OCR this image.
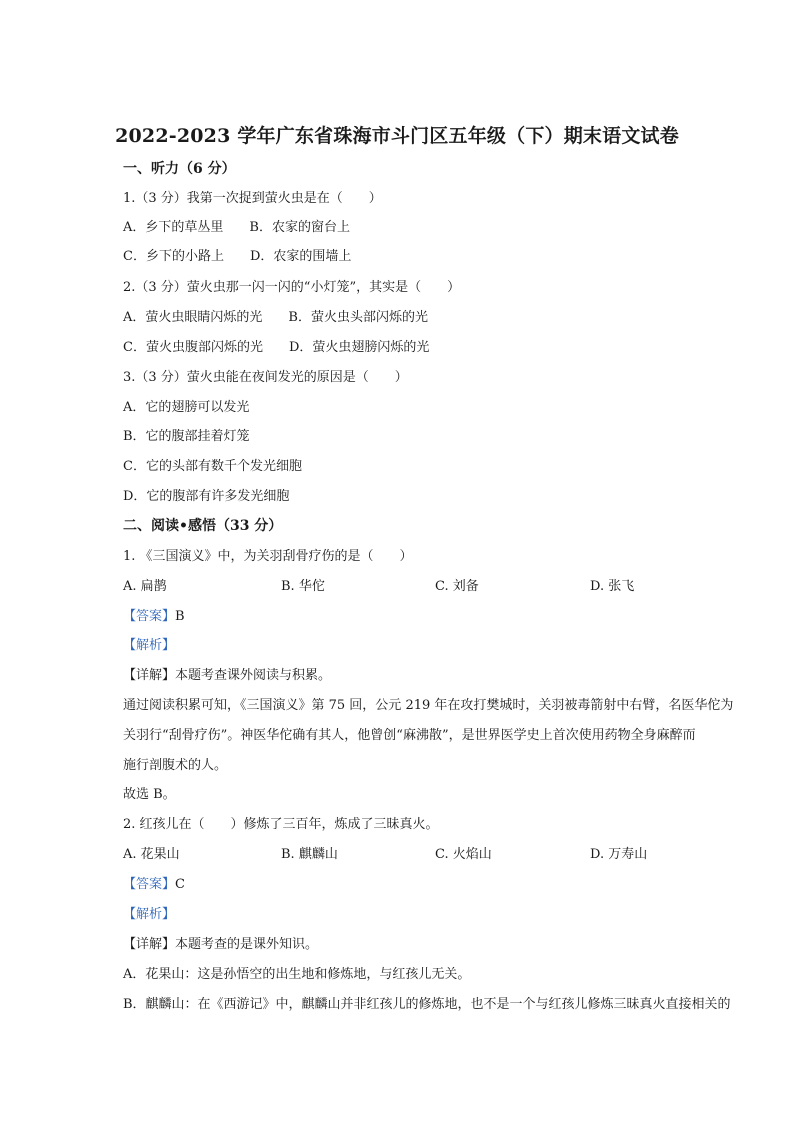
2022-2023 学年广东省珠海市斗门区五年级（下）期末语文试卷
一、听力（6 分）
1.（3 分）我第一次捉到萤火虫是在（　　）
A．乡下的草丛里　　B．农家的窗台上
C．乡下的小路上　　D．农家的围墙上
2.（3 分）萤火虫那一闪一闪的“小灯笼”，其实是（　　）
A．萤火虫眼睛闪烁的光　　B．萤火虫头部闪烁的光
C．萤火虫腹部闪烁的光　　D．萤火虫翅膀闪烁的光
3.（3 分）萤火虫能在夜间发光的原因是（　　）
A．它的翅膀可以发光
B．它的腹部挂着灯笼
C．它的头部有数千个发光细胞
D．它的腹部有许多发光细胞
二、阅读•感悟（33 分）
1. 《三国演义》中，为关羽刮骨疗伤的是（　　）
A. 扁鹊	B. 华佗	C. 刘备	D. 张飞
【答案】B
【解析】
【详解】本题考查课外阅读与积累。
通过阅读积累可知，《三国演义》第 75 回，公元 219 年在攻打樊城时，关羽被毒箭射中右臂，名医华佗为
关羽行“刮骨疗伤”。神医华佗确有其人，他曾创“麻沸散”，是世界医学史上首次使用药物全身麻醉而
施行剖腹术的人。
故选 B。
2. 红孩儿在（　　）修炼了三百年，炼成了三昧真火。
A. 花果山	B. 麒麟山	C. 火焰山	D. 万寿山
【答案】C
【解析】
【详解】本题考查的是课外知识。
A．花果山：这是孙悟空的出生地和修炼地，与红孩儿无关。
B．麒麟山：在《西游记》中，麒麟山并非红孩儿的修炼地，也不是一个与红孩儿修炼三昧真火直接相关的
